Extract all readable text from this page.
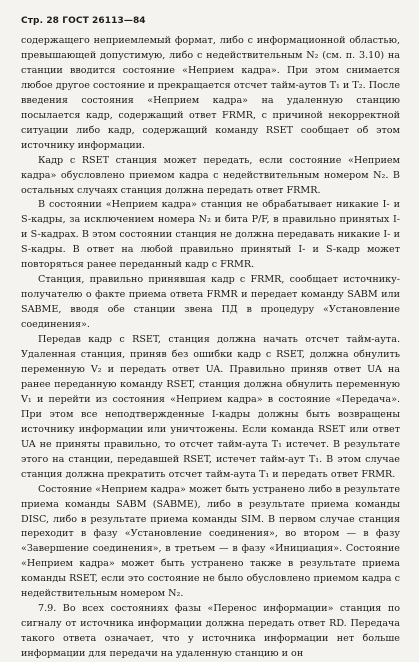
Стр. 28 ГОСТ 26113—84

содержащего неприемлемый формат, либо с информационной областью, превышающей допустимую, либо с недействительным N₂ (см. п. 3.10) на станции вводится состояние «Неприем кадра». При этом снимается любое другое состояние и прекращается отсчет тайм-аутов T₁ и T₂. После введения состояния «Неприем кадра» на удаленную станцию посылается кадр, содержащий ответ FRMR, с причиной некорректной ситуации либо кадр, содержащий команду RSET сообщает об этом источнику информации.

Кадр с RSET станция может передать, если состояние «Неприем кадра» обусловлено приемом кадра с недействительным номером N₂. В остальных случаях станция должна передать ответ FRMR.

В состоянии «Неприем кадра» станция не обрабатывает никакие I- и S-кадры, за исключением номера N₂ и бита P/F, в правильно принятых I- и S-кадрах. В этом состоянии станция не должна передавать никакие I- и S-кадры. В ответ на любой правильно принятый I- и S-кадр может повторяться ранее переданный кадр с FRMR.

Станция, правильно принявшая кадр с FRMR, сообщает источнику-получателю о факте приема ответа FRMR и передает команду SABM или SABME, вводя обе станции звена ПД в процедуру «Установление соединения».

Передав кадр с RSET, станция должна начать отсчет тайм-аута. Удаленная станция, приняв без ошибки кадр с RSET, должна обнулить переменную V₂ и передать ответ UA. Правильно приняв ответ UA на ранее переданную команду RSET, станция должна обнулить переменную V₁ и перейти из состояния «Неприем кадра» в состояние «Передача». При этом все неподтвержденные I-кадры должны быть возвращены источнику информации или уничтожены. Если команда RSET или ответ UA не приняты правильно, то отсчет тайм-аута T₁ истечет. В результате этого на станции, передавшей RSET, истечет тайм-аут T₁. В этом случае станция должна прекратить отсчет тайм-аута T₁ и передать ответ FRMR.

Состояние «Неприем кадра» может быть устранено либо в результате приема команды SABM (SABME), либо в результате приема команды DISC, либо в результате приема команды SIM. В первом случае станция переходит в фазу «Установление соединения», во втором — в фазу «Завершение соединения», в третьем — в фазу «Инициация». Состояние «Неприем кадра» может быть устранено также в результате приема команды RSET, если это состояние не было обусловлено приемом кадра с недействительным номером N₂.

7.9. Во всех состояниях фазы «Перенос информации» станция по сигналу от источника информации должна передать ответ RD. Передача такого ответа означает, что у источника информации нет больше информации для передачи на удаленную станцию и он
